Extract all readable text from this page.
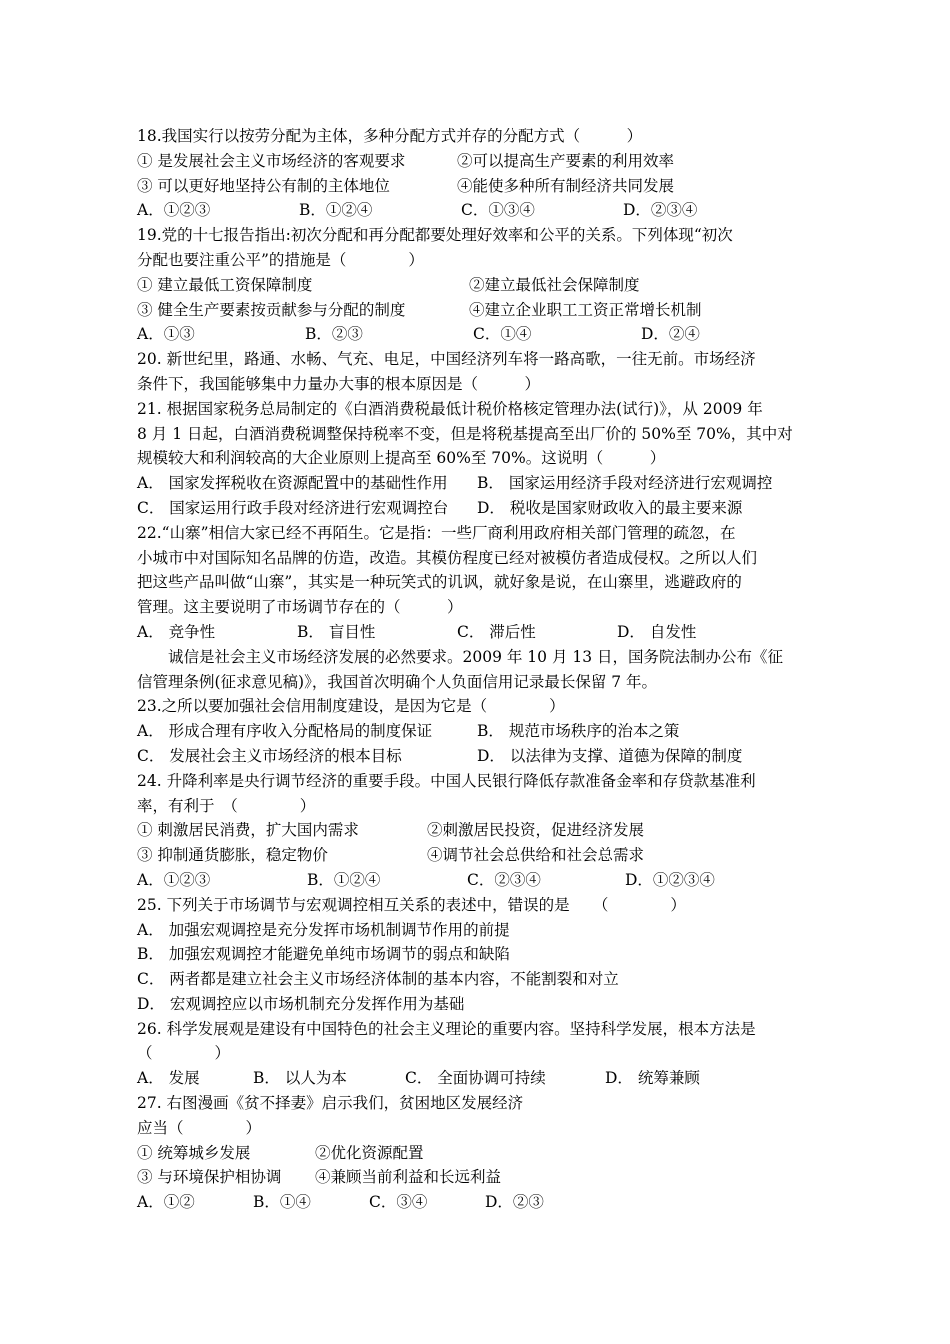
18.我国实行以按劳分配为主体，多种分配方式并存的分配方式（　　　）
① 是发展社会主义市场经济的客观要求	②可以提高生产要素的利用效率
③ 可以更好地坚持公有制的主体地位	④能使多种所有制经济共同发展
A．①②③	B．①②④	C．①③④	D．②③④
19.党的十七报告指出:初次分配和再分配都要处理好效率和公平的关系。下列体现“初次
分配也要注重公平”的措施是（　　　　）
① 建立最低工资保障制度	②建立最低社会保障制度
③ 健全生产要素按贡献参与分配的制度	④建立企业职工工资正常增长机制
A．①③	B．②③	C．①④	D．②④
20. 新世纪里，路通、水畅、气充、电足，中国经济列车将一路高歌，一往无前。市场经济
条件下，我国能够集中力量办大事的根本原因是（　　　）
21. 根据国家税务总局制定的《白酒消费税最低计税价格核定管理办法(试行)》，从 2009 年
8 月 1 日起，白酒消费税调整保持税率不变，但是将税基提高至出厂价的 50%至 70%，其中对
规模较大和利润较高的大企业原则上提高至 60%至 70%。这说明（　　　）
A． 国家发挥税收在资源配置中的基础性作用	B． 国家运用经济手段对经济进行宏观调控
C． 国家运用行政手段对经济进行宏观调控台	D． 税收是国家财政收入的最主要来源
22.“山寨”相信大家已经不再陌生。它是指：一些厂商利用政府相关部门管理的疏忽，在
小城市中对国际知名品牌的仿造，改造。其模仿程度已经对被模仿者造成侵权。之所以人们
把这些产品叫做“山寨”，其实是一种玩笑式的讥讽，就好象是说，在山寨里，逃避政府的
管理。这主要说明了市场调节存在的（　　　）
A． 竞争性	B． 盲目性	C． 滞后性	D． 自发性
诚信是社会主义市场经济发展的必然要求。2009 年 10 月 13 日，国务院法制办公布《征
信管理条例(征求意见稿)》，我国首次明确个人负面信用记录最长保留 7 年。
23.之所以要加强社会信用制度建设，是因为它是（　　　　）
A． 形成合理有序收入分配格局的制度保证	B． 规范市场秩序的治本之策
C． 发展社会主义市场经济的根本目标	D． 以法律为支撑、道德为保障的制度
24. 升降利率是央行调节经济的重要手段。中国人民银行降低存款准备金率和存贷款基准利
率，有利于　（　　　　）
① 刺激居民消费，扩大国内需求	②刺激居民投资，促进经济发展
③ 抑制通货膨胀，稳定物价	④调节社会总供给和社会总需求
A．①②③	B．①②④	C．②③④	D．①②③④
25. 下列关于市场调节与宏观调控相互关系的表述中，错误的是　　（　　　　）
A． 加强宏观调控是充分发挥市场机制调节作用的前提
B． 加强宏观调控才能避免单纯市场调节的弱点和缺陷
C． 两者都是建立社会主义市场经济体制的基本内容，不能割裂和对立
D． 宏观调控应以市场机制充分发挥作用为基础
26. 科学发展观是建设有中国特色的社会主义理论的重要内容。坚持科学发展，根本方法是
（　　　　）
A． 发展	B． 以人为本	C． 全面协调可持续	D． 统筹兼顾
27. 右图漫画《贫不择妻》启示我们，贫困地区发展经济
应当（　　　　）
① 统筹城乡发展	②优化资源配置
③ 与环境保护相协调	④兼顾当前利益和长远利益
A．①②	B．①④	C．③④	D．②③
